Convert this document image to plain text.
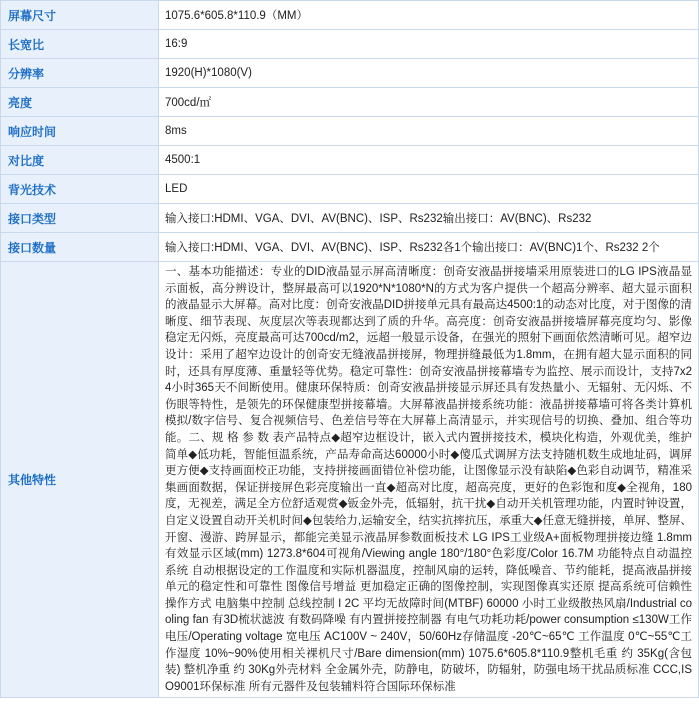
屏幕尺寸	1075.6*605.8*110.9（MM）
长宽比	16:9
分辨率	1920(H)*1080(V)
亮度	700cd/㎡
响应时间	8ms
对比度	4500:1
背光技术	LED
接口类型	输入接口:HDMI、VGA、DVI、AV(BNC)、ISP、Rs232输出接口：AV(BNC)、Rs232
接口数量	输入接口:HDMI、VGA、DVI、AV(BNC)、ISP、Rs232各1个输出接口：AV(BNC)1个、Rs232 2个
其他特性	一、基本功能描述：专业的DID液晶显示屏高清晰度：创奇安液晶拼接墙采用原装进口的LG IPS液晶显示面板，高分辨设计，整屏最高可以1920*N*1080*N的方式为客户提供一个超高分辨率、超大显示面积的液晶显示大屏幕。高对比度：创奇安液晶DID拼接单元具有最高达4500:1的动态对比度，对于图像的清晰度、细节表现、灰度层次等表现都达到了质的升华。高亮度：创奇安液晶拼接墙屏幕亮度均匀、影像稳定无闪烁，亮度最高可达700cd/m2，远超一般显示设备，在强光的照射下画面依然清晰可见。超窄边设计：采用了超窄边设计的创奇安无缝液晶拼接屏，物理拼缝最低为1.8mm，在拥有超大显示面积的同时，还具有厚度薄、重量轻等优势。稳定可靠性：创奇安液晶拼接幕墙专为监控、展示而设计，支持7x24小时365天不间断使用。健康环保特质：创奇安液晶拼接显示屏还具有发热量小、无辐射、无闪烁、不伤眼等特性，是领先的环保健康型拼接幕墙。大屏幕液晶拼接系统功能：液晶拼接幕墙可将各类计算机模拟/数字信号、复合视频信号、色差信号等在大屏幕上高清显示，并实现信号的切换、叠加、组合等功能。二、规 格 参 数 表产品特点◆超窄边框设计，嵌入式内置拼接技术，模块化构造，外观优美，维护简单◆低功耗，智能恒温系统，产品寿命高达60000小时◆傻瓜式调屏方法支持随机数生成地址码，调屏更方便◆支持画面校正功能，支持拼接画面错位补偿功能，让图像显示没有缺陷◆色彩自动调节，精准采集画面数据，保证拼接屏色彩亮度输出一直◆超高对比度，超高亮度，更好的色彩饱和度◆全视角，180度，无视差，满足全方位舒适观赏◆钣金外壳，低辐射，抗干扰◆自动开关机管理功能，内置时钟设置，自定义设置自动开关机时间◆包装给力,运输安全，结实抗摔抗压，承重大◆任意无缝拼接，单屏、整屏、开窗、漫游、跨屏显示，都能完美显示液晶屏参数面板技术 LG IPS工业级A+面板物理拼接边缝 1.8mm有效显示区域(mm) 1273.8*604可视角/Viewing angle 180°/180°色彩度/Color 16.7M 功能特点自动温控系统 自动根据设定的工作温度和实际机器温度，控制风扇的运转，降低噪音、节约能耗，提高液晶拼接单元的稳定性和可靠性 图像信号增益 更加稳定正确的图像控制，实现图像真实还原 提高系统可信赖性操作方式 电脑集中控制 总线控制 I 2C 平均无故障时间(MTBF) 60000 小时工业级散热风扇/Industrial cooling fan 有3D梳状滤波 有数码降噪 有内置拼接控制器 有电气功耗功耗/power consumption ≤130W工作电压/Operating voltage 宽电压 AC100V ~ 240V，50/60Hz存储温度 -20℃~65℃ 工作温度 0℃~55℃工作湿度 10%~90%使用相关裸机尺寸/Bare dimension(mm) 1075.6*605.8*110.9整机毛重 约 35Kg(含包装) 整机净重 约 30Kg外壳材料 全金属外壳，防静电，防破坏，防辐射，防强电场干扰品质标准 CCC,ISO9001环保标准 所有元器件及包装辅料符合国际环保标准
